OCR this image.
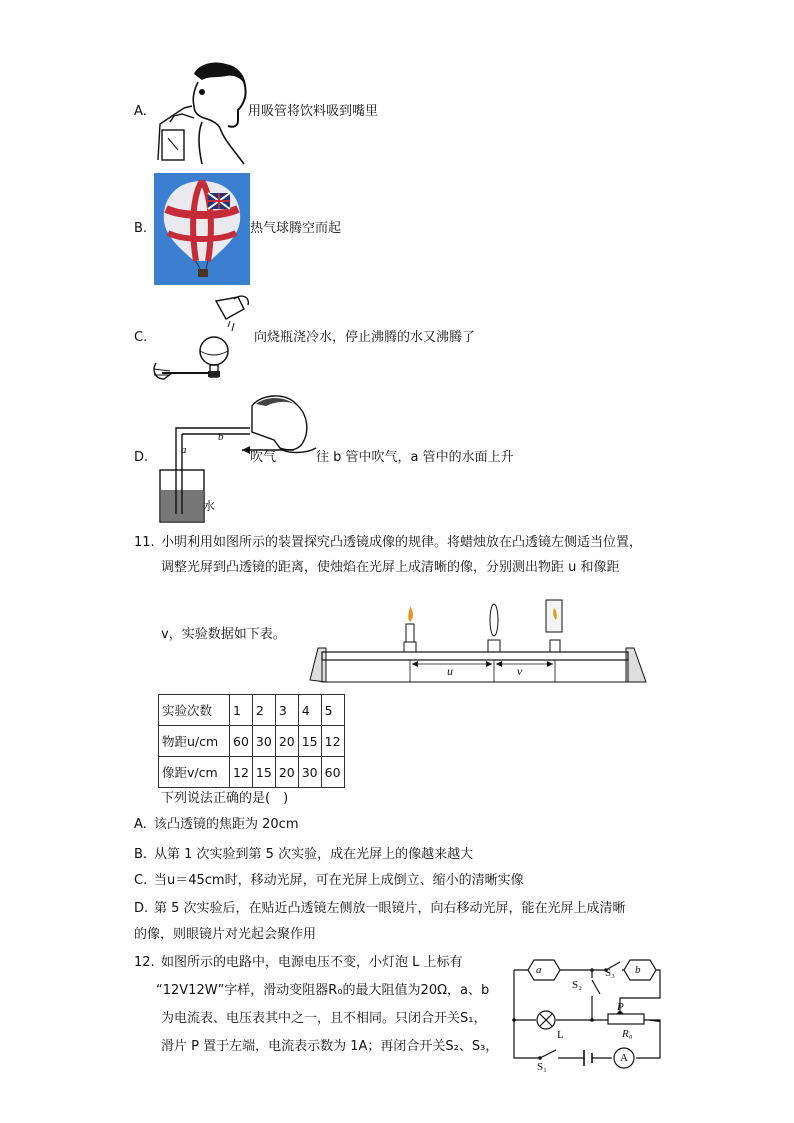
A.	用吸管将饮料吸到嘴里
B.	热气球腾空而起
C.	向烧瓶浇冷水，停止沸腾的水又沸腾了
D.	往 b 管中吹气，a 管中的水面上升
a
b
吹气
水
11. 小明利用如图所示的装置探究凸透镜成像的规律。将蜡烛放在凸透镜左侧适当位置，
调整光屏到凸透镜的距离，使烛焰在光屏上成清晰的像，分别测出物距 u 和像距
v，实验数据如下表。
u	v
实验次数	1	2	3	4	5
物距u/cm	60	30	20	15	12
像距v/cm	12	15	20	30	60
下列说法正确的是(　)
A. 该凸透镜的焦距为 20cm
B. 从第 1 次实验到第 5 次实验，成在光屏上的像越来越大
C. 当u＝45cm时，移动光屏，可在光屏上成倒立、缩小的清晰实像
D. 第 5 次实验后，在贴近凸透镜左侧放一眼镜片，向右移动光屏，能在光屏上成清晰
的像，则眼镜片对光起会聚作用
12. 如图所示的电路中，电源电压不变，小灯泡 L 上标有
“12V12W”字样，滑动变阻器R₀的最大阻值为20Ω，a、b
为电流表、电压表其中之一，且不相同。只闭合开关S₁，
滑片 P 置于左端，电流表示数为 1A；再闭合开关S₂、S₃，
a	b
S₃
S₂
P
R₀
L
S₁
A
